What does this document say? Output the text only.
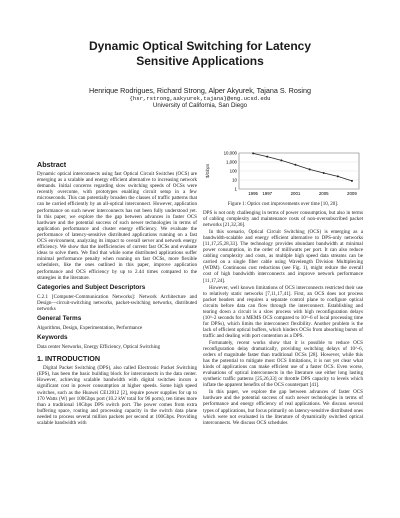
Dynamic Optical Switching for Latency
Sensitive Applications
Henrique Rodrigues, Richard Strong, Alper Akyurek, Tajana S. Rosing
{hsr,rstrong,aakyurek,tajana}@eng.ucsd.edu
University of California, San Diego
Abstract

Dynamic optical interconnects using fast Optical Circuit Switches (OCS) are emerging as a scalable and energy efficient alternative to increasing network demands. Initial concerns regarding slow switching speeds of OCSs were recently overcome, with prototypes enabling circuit setup in a few microseconds. This can potentially broaden the classes of traffic patterns that can be carried efficiently by an all-optical interconnect. However, application performance on such newer interconnects has not been fully understood yet. In this paper, we explore the the gap between advances in faster OCS hardware and the potential success of such newer technologies in terms of application performance and cluster energy efficiency. We evaluate the performance of latency-sensitive distributed applications running on a fast OCS environment, analyzing its impact to overall server and network energy efficiency. We show that the inefficiencies of current fast OCSs and evaluate ideas to solve them. We find that while some distributed applications suffer minimal performance penalty when running on fast OCSs, more flexible schedulers, like the ones outlined in this paper, improve application performance and OCS efficiency by up to 2.44 times compared to the strategies in the literature.

Categories and Subject Descriptors

C.2.1 [Computer-Communication Networks]: Network Architecture and Design—circuit-switching networks, packet-switching networks, distributed networks

General Terms

Algorithms, Design, Experimentation, Performance

Keywords

Data center Networks, Energy Efficiency, Optical Switching

1. INTRODUCTION

Digital Packet Switching (DPS), also called Electronic Packet Switching (EPS), has been the basic building block for interconnects in the data center. However, achieving scalable bandwidth with digital switches incurs a significant cost in power consumption at higher speeds. Some high speed switches, such as the Huawei CE12812 [2], require power supplies for up to 170 Watts (W) per 100Gbps port (10.2 kW total for 96 ports), ten times more than a traditional 10Gbps DPS switch port. The power comes from extra buffering space, routing and processing capacity in the switch data plane needed to process several million packets per second at 100Gbps. Providing scalable bandwidth with

$/Gbps
10,000
1,000
100
10
1
1995 1997	2001	2005	2009
Figure 1: Optics cost improvements over time [10, 20].

DPS is not only challenging in terms of power consumption, but also in terms of cabling complexity and maintenance costs of non-oversubscribed packet networks [21,32,36].

In this scenario, Optical Circuit Switching (OCS) is emerging as a bandwidth-scalable and energy efficient alternative to DPS-only networks [11,17,25,28,33]. The technology provides abundant bandwidth at minimal power consumption, in the order of milliwatts per port. It can also reduce cabling complexity and costs, as multiple high speed data streams can be carried on a single fiber cable using Wavelength Division Multiplexing (WDM). Continuous cost reductions (see Fig. 1), might reduce the overall cost of high bandwidth interconnects and improve network performance [11,17,24].

However, well known limitations of OCS interconnects restricted their use to relatively static networks [7,11,17,41]. First, an OCS does not process packet headers and requires a separate control plane to configure optical circuits before data can flow through the interconnect. Establishing and tearing down a circuit is a slow process with high reconfiguration delays (10^-2 seconds for a MEMS OCS compared to 10^-6 of local processing time for DPSs), which limits the interconnect flexibility. Another problem is the lack of efficient optical buffers, which hinders OCSs from absorbing bursts of traffic and dealing with port contention as a DPS.

Fortunately, recent works show that it is possible to reduce OCS reconfiguration delay dramatically, providing switching delays of 10^-6, orders of magnitude faster than traditional OCSs [28]. However, while this has the potential to mitigate most OCS limitations, it is not yet clear what kinds of applications can make efficient use of a faster OCS. Even worse, evaluations of optical interconnects in the literature use either long lasting synthetic traffic patterns [25,26,33] or throttle DPS capacity to levels which inflate the apparent benefits of the OCS counterpart [41].

In this paper, we explore the gap between advances of faster OCS hardware and the potential success of such newer technologies in terms of performance and energy efficiency of real applications. We discuss several types of applications, but focus primarily on latency-sensitive distributed ones which were not evaluated in the literature of dynamically switched optical interconnects. We discuss OCS schedules
